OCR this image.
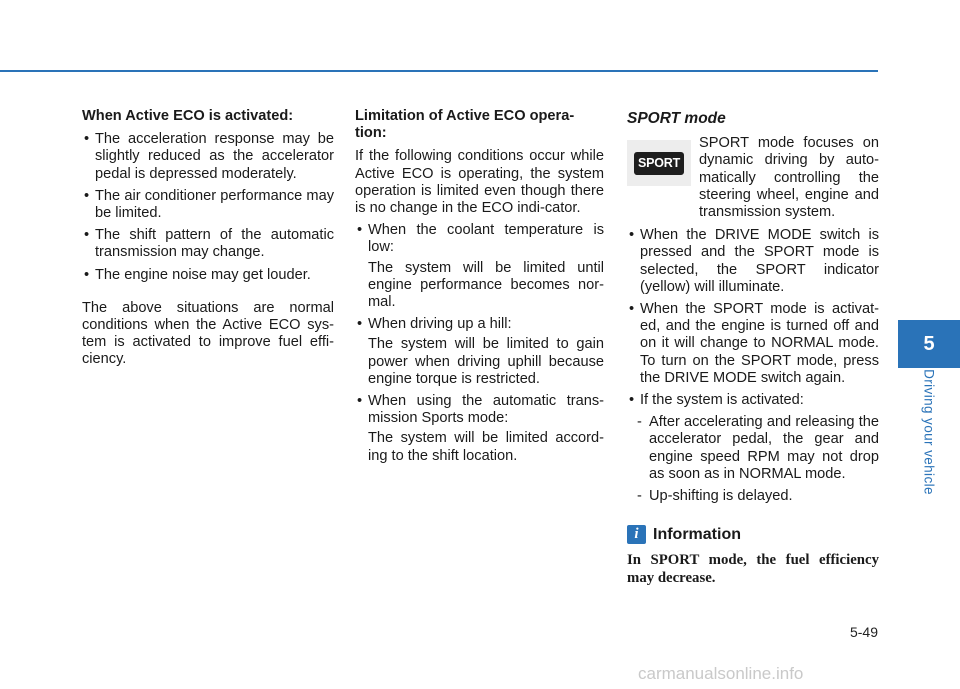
When Active ECO is activated:

• The acceleration response may be slightly reduced as the accelerator pedal is depressed moderately.
• The air conditioner performance may be limited.
• The shift pattern of the automatic transmission may change.
• The engine noise may get louder.

The above situations are normal conditions when the Active ECO sys-tem is activated to improve fuel effi-ciency.

Limitation of Active ECO opera-tion:

If the following conditions occur while Active ECO is operating, the system operation is limited even though there is no change in the ECO indi-cator.

• When the coolant temperature is low:
The system will be limited until engine performance becomes nor-mal.
• When driving up a hill:
The system will be limited to gain power when driving uphill because engine torque is restricted.
• When using the automatic trans-mission Sports mode:
The system will be limited accord-ing to the shift location.
SPORT mode
SPORT
SPORT mode focuses on dynamic driving by auto-matically controlling the steering wheel, engine and transmission system.
• When the DRIVE MODE switch is pressed and the SPORT mode is selected, the SPORT indicator (yellow) will illuminate.
• When the SPORT mode is activat-ed, and the engine is turned off and on it will change to NORMAL mode. To turn on the SPORT mode, press the DRIVE MODE switch again.
• If the system is activated:
- After accelerating and releasing the accelerator pedal, the gear and engine speed RPM may not drop as soon as in NORMAL mode.
- Up-shifting is delayed.
i Information
In SPORT mode, the fuel efficiency may decrease.
5
Driving your vehicle
5-49
carmanualsonline.info
